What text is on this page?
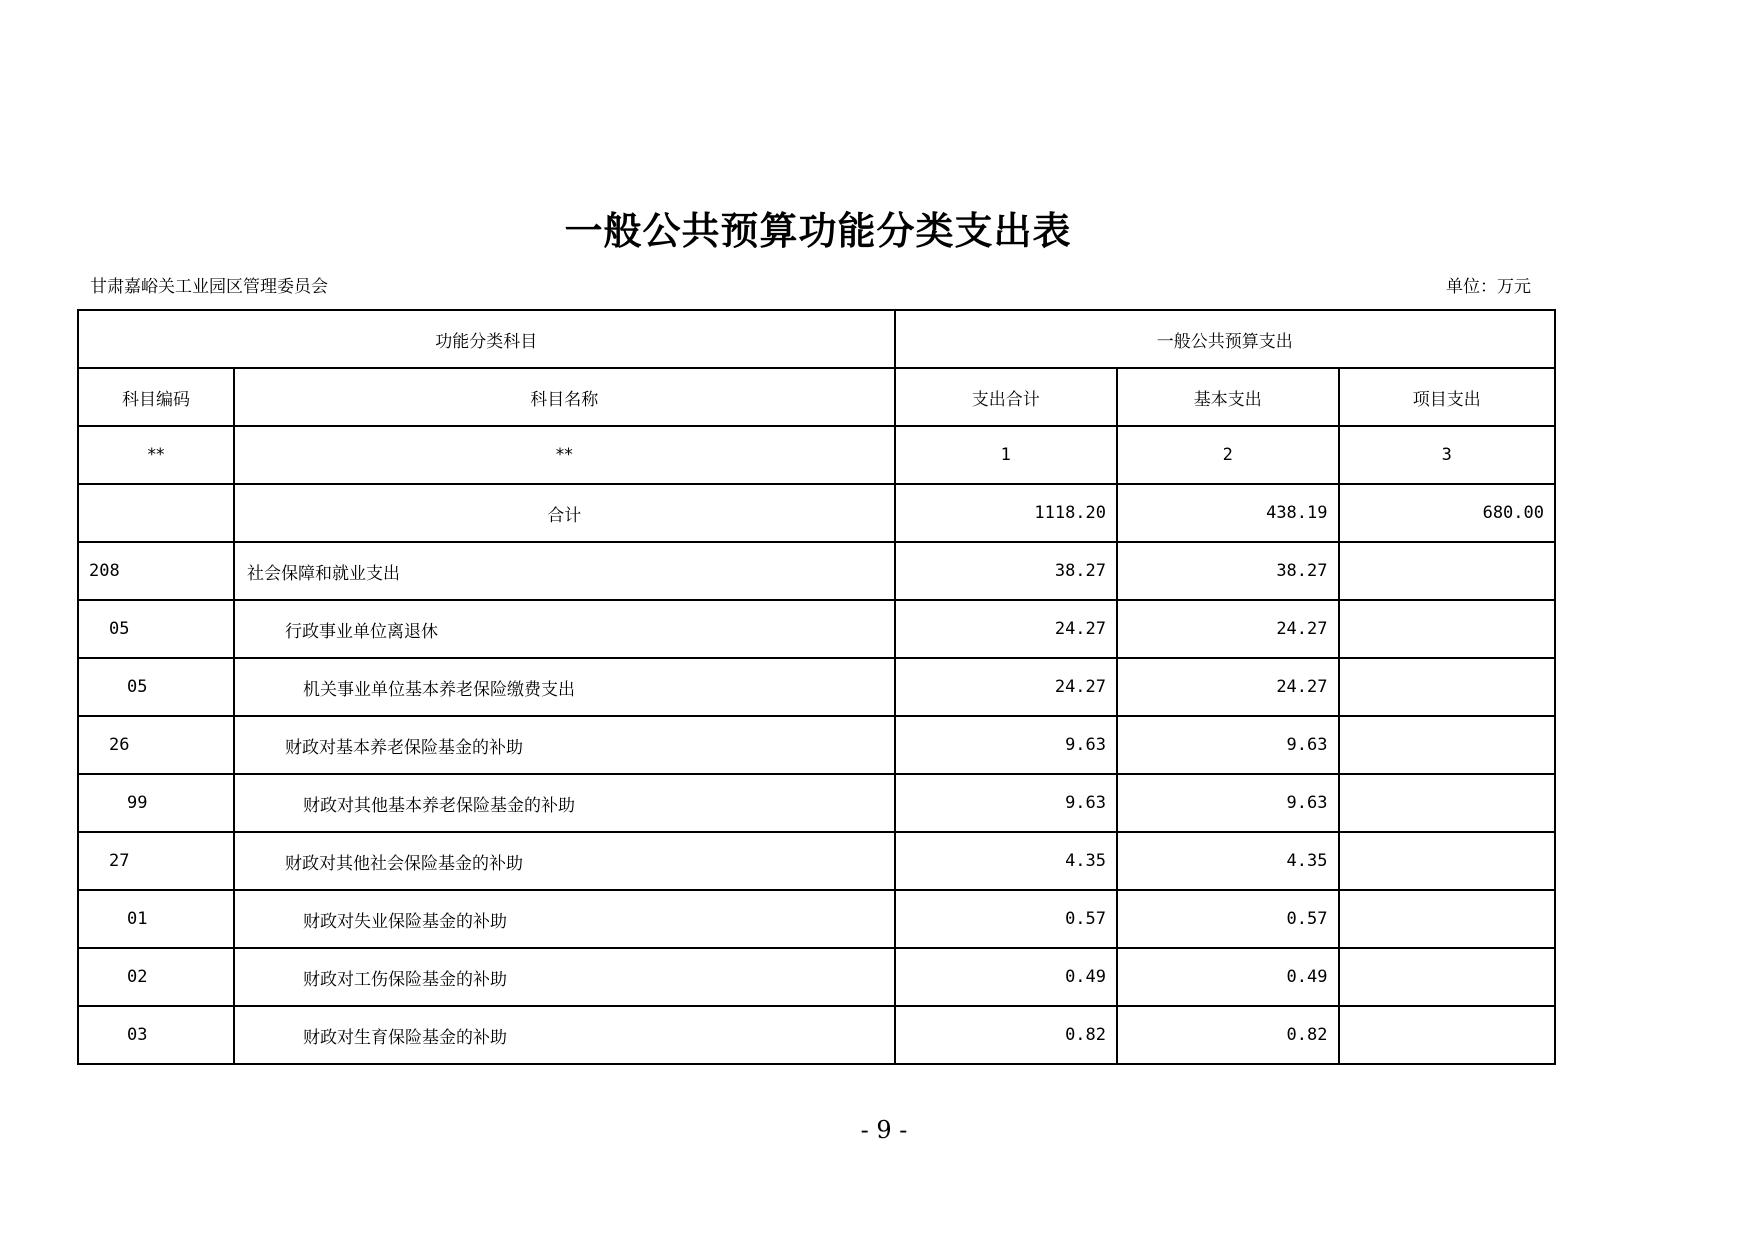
一般公共预算功能分类支出表
甘肃嘉峪关工业园区管理委员会	单位：万元
功能分类科目		一般公共预算支出		
科目编码	科目名称	支出合计	基本支出	项目支出
**	**	1	2	3
	合计	1118.20	438.19	680.00
208	社会保障和就业支出	38.27	38.27	
05	行政事业单位离退休	24.27	24.27	
05	机关事业单位基本养老保险缴费支出	24.27	24.27	
26	财政对基本养老保险基金的补助	9.63	9.63	
99	财政对其他基本养老保险基金的补助	9.63	9.63	
27	财政对其他社会保险基金的补助	4.35	4.35	
01	财政对失业保险基金的补助	0.57	0.57	
02	财政对工伤保险基金的补助	0.49	0.49	
03	财政对生育保险基金的补助	0.82	0.82	
- 9 -
